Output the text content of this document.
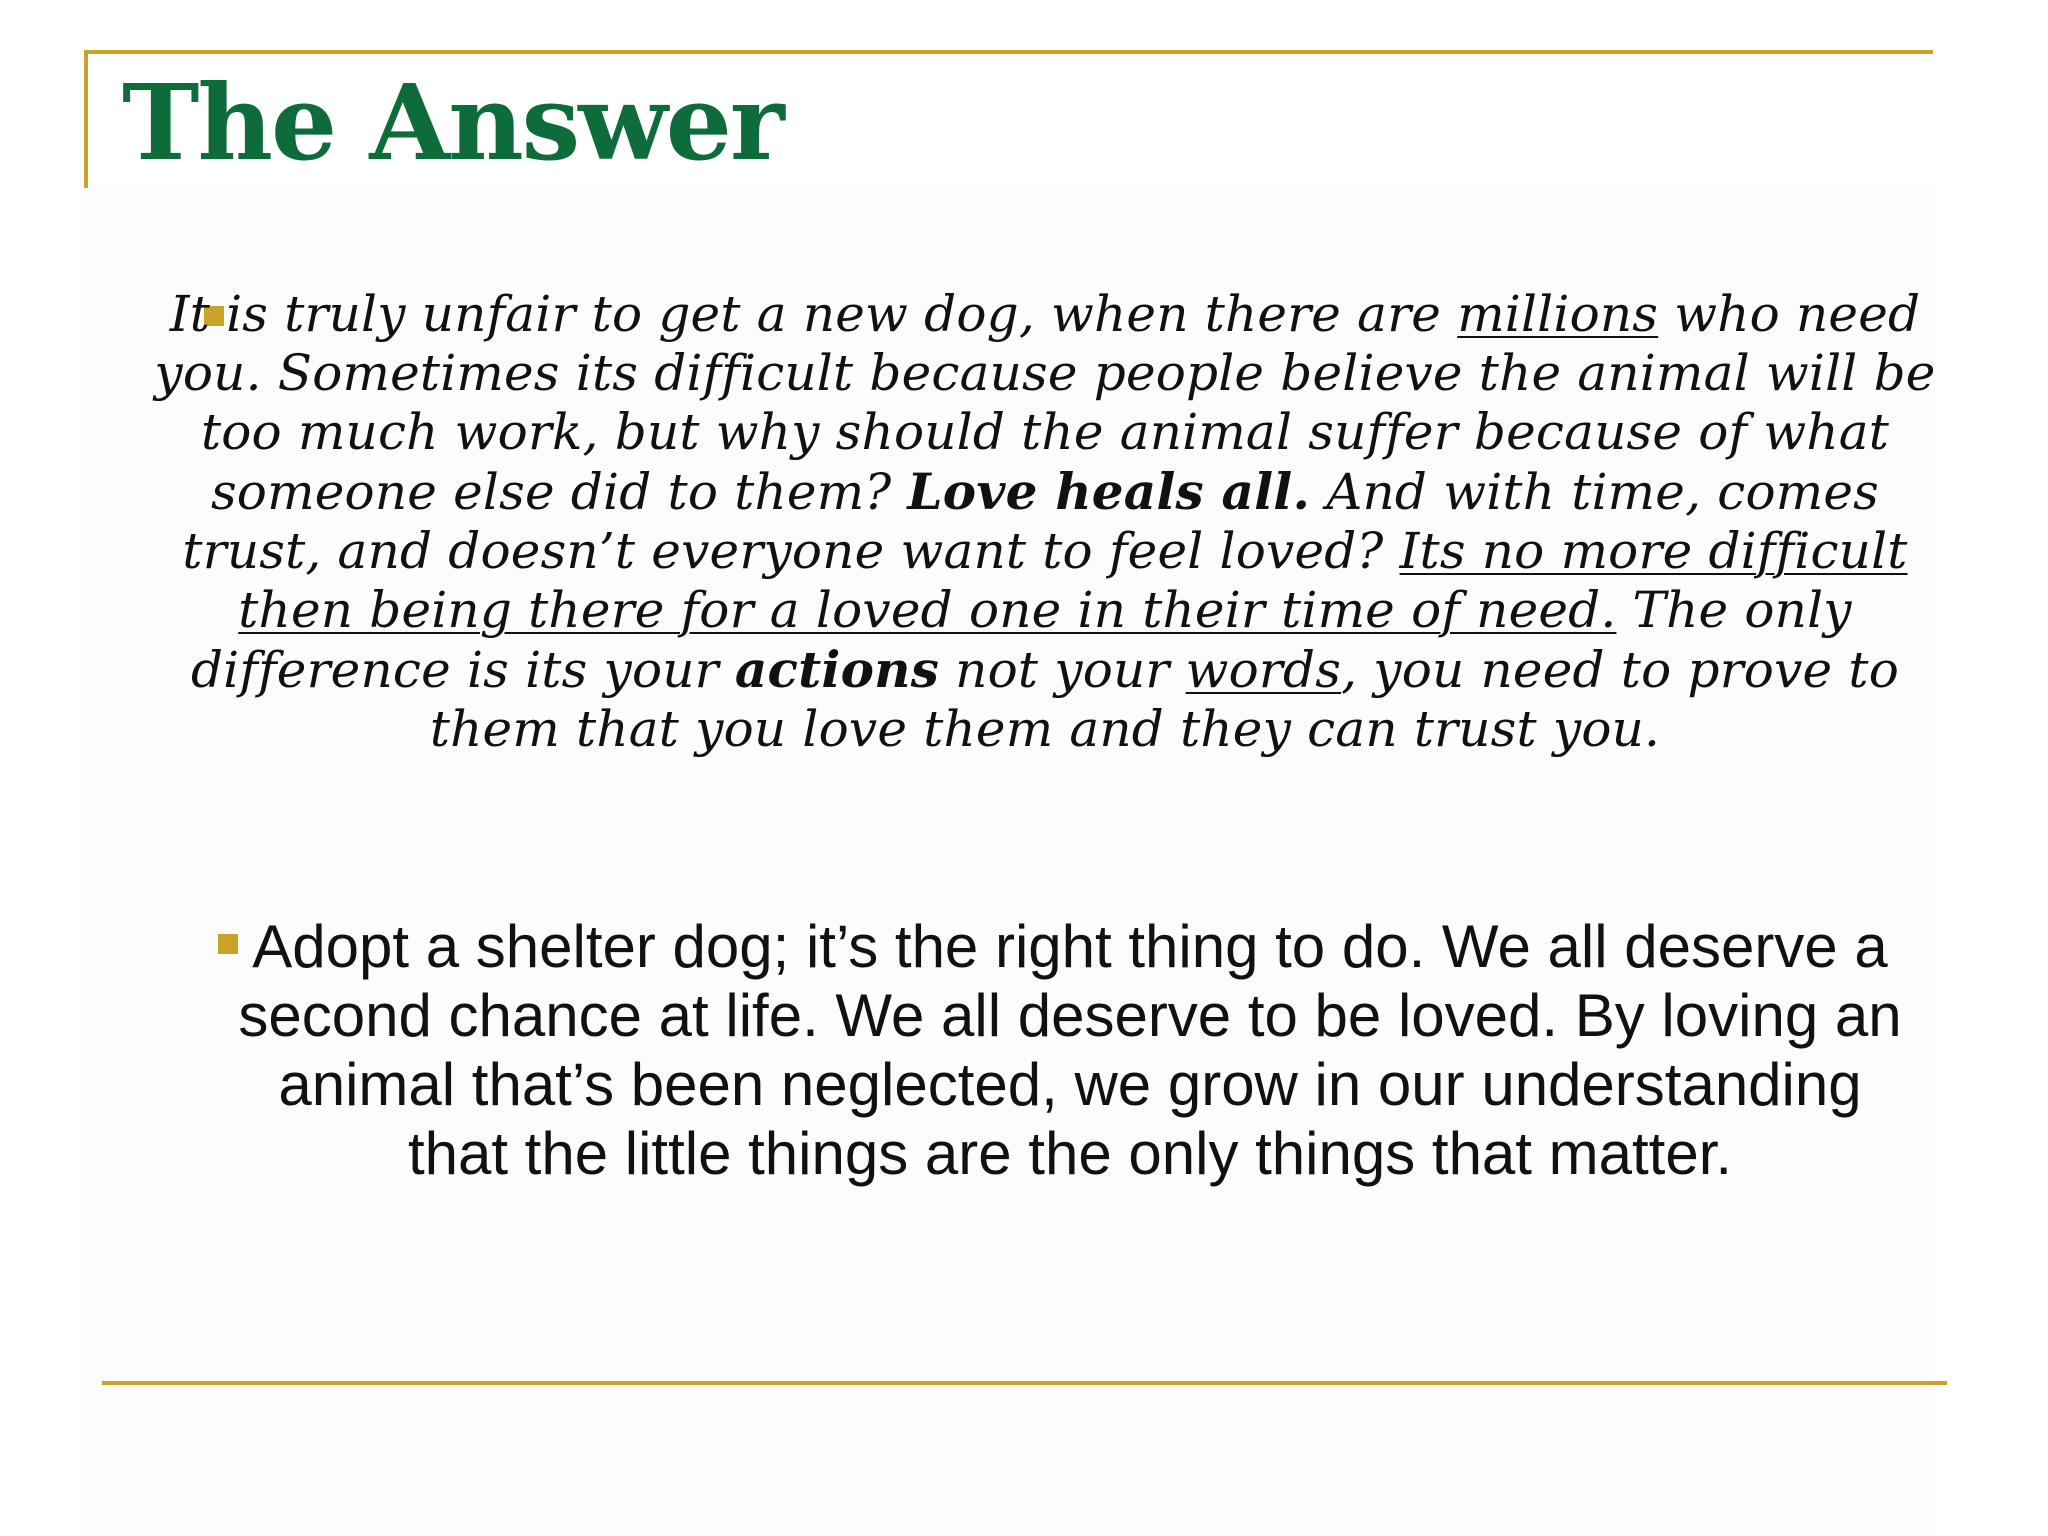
The Answer

It is truly unfair to get a new dog, when there are millions who need you. Sometimes its difficult because people believe the animal will be too much work, but why should the animal suffer because of what someone else did to them? Love heals all. And with time, comes trust, and doesn’t everyone want to feel loved? Its no more difficult then being there for a loved one in their time of need. The only difference is its your actions not your words, you need to prove to them that you love them and they can trust you.

Adopt a shelter dog; it’s the right thing to do. We all deserve a second chance at life. We all deserve to be loved. By loving an animal that’s been neglected, we grow in our understanding that the little things are the only things that matter.
